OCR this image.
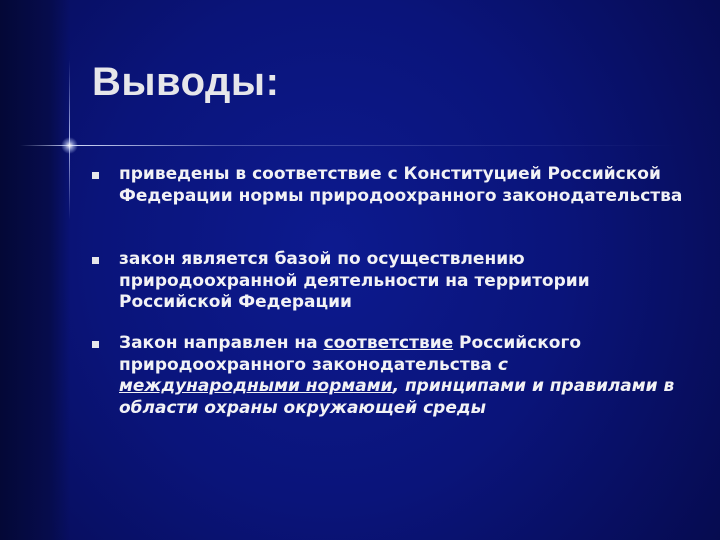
Выводы:
приведены в соответствие с Конституцией Российской Федерации нормы природоохранного законодательства
закон является базой по осуществлению природоохранной деятельности на территории Российской Федерации
Закон направлен на соответствие Российского природоохранного законодательства с международными нормами, принципами и правилами в области охраны окружающей среды
